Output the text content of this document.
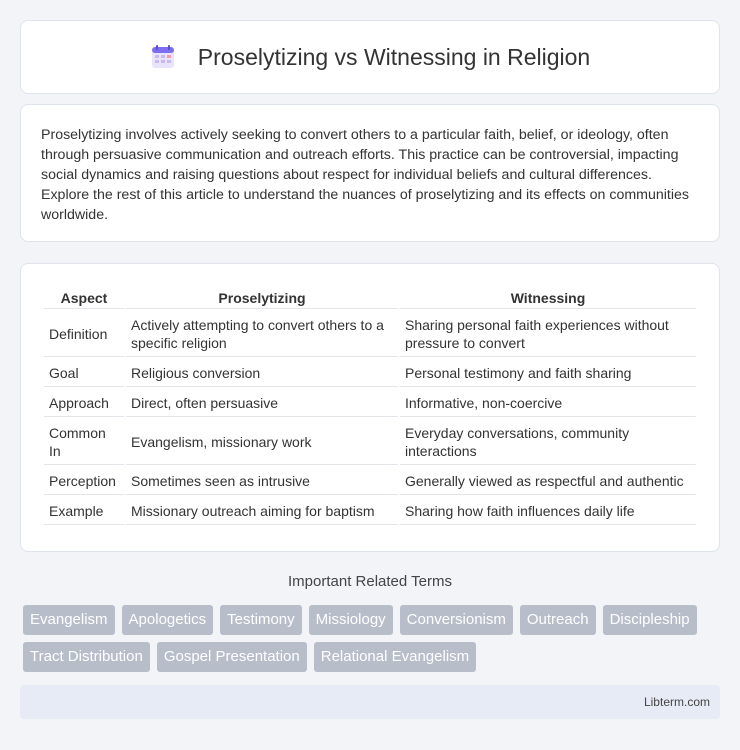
Proselytizing vs Witnessing in Religion

Proselytizing involves actively seeking to convert others to a particular faith, belief, or ideology, often through persuasive communication and outreach efforts. This practice can be controversial, impacting social dynamics and raising questions about respect for individual beliefs and cultural differences. Explore the rest of this article to understand the nuances of proselytizing and its effects on communities worldwide.

Aspect	Proselytizing	Witnessing
Definition	Actively attempting to convert others to a specific religion	Sharing personal faith experiences without pressure to convert
Goal	Religious conversion	Personal testimony and faith sharing
Approach	Direct, often persuasive	Informative, non-coercive
Common In	Evangelism, missionary work	Everyday conversations, community interactions
Perception	Sometimes seen as intrusive	Generally viewed as respectful and authentic
Example	Missionary outreach aiming for baptism	Sharing how faith influences daily life
Important Related Terms
Evangelism	Apologetics	Testimony	Missiology	Conversionism	Outreach	Discipleship
Tract Distribution	Gospel Presentation	Relational Evangelism
Libterm.com
